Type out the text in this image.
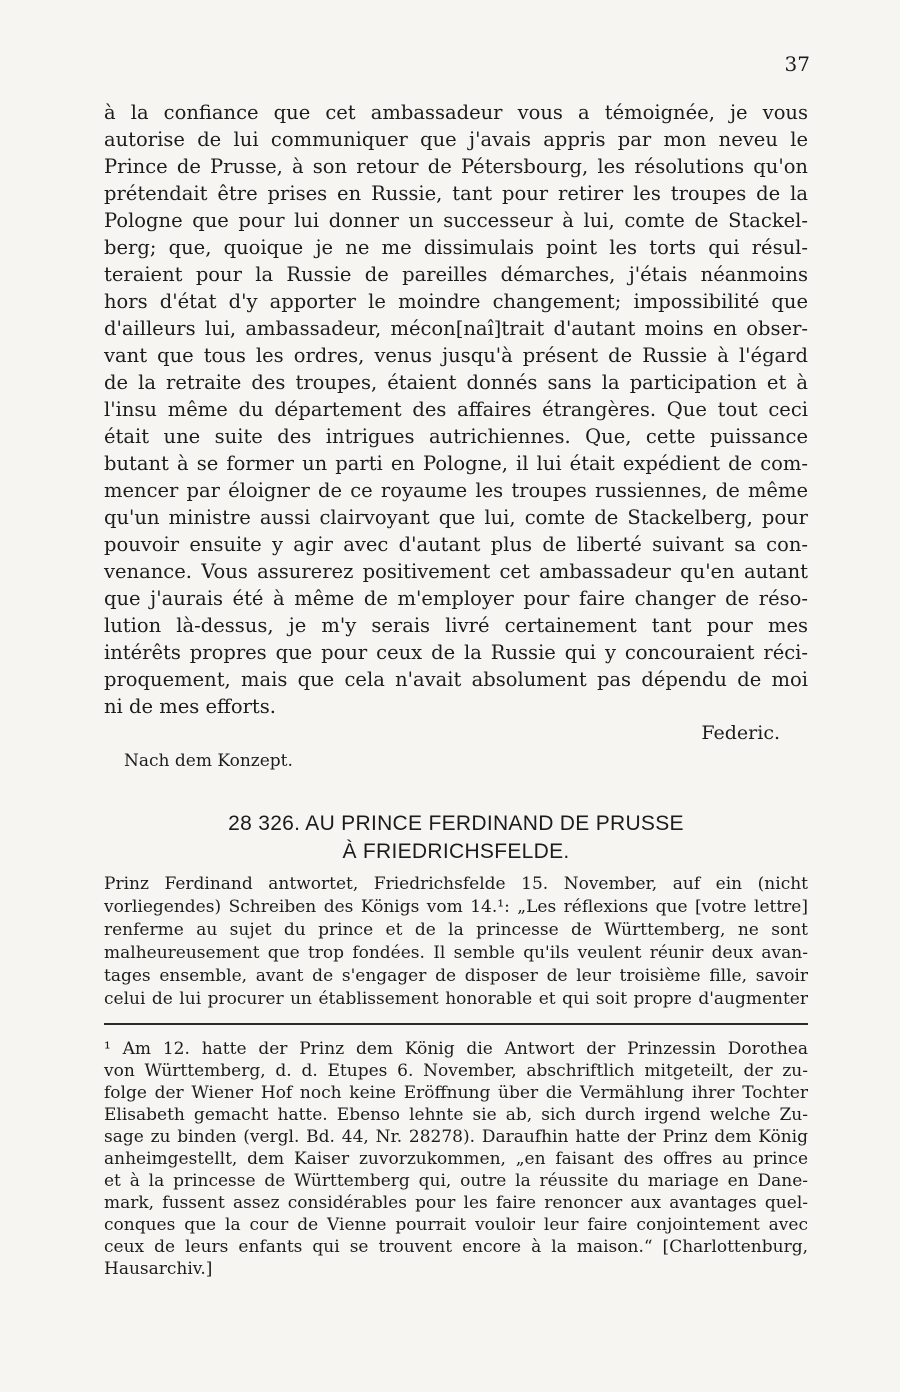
37
à la confiance que cet ambassadeur vous a témoignée, je vous
autorise de lui communiquer que j'avais appris par mon neveu le
Prince de Prusse, à son retour de Pétersbourg, les résolutions qu'on
prétendait être prises en Russie, tant pour retirer les troupes de la
Pologne que pour lui donner un successeur à lui, comte de Stackel-
berg; que, quoique je ne me dissimulais point les torts qui résul-
teraient pour la Russie de pareilles démarches, j'étais néanmoins
hors d'état d'y apporter le moindre changement; impossibilité que
d'ailleurs lui, ambassadeur, mécon[naî]trait d'autant moins en obser-
vant que tous les ordres, venus jusqu'à présent de Russie à l'égard
de la retraite des troupes, étaient donnés sans la participation et à
l'insu même du département des affaires étrangères. Que tout ceci
était une suite des intrigues autrichiennes. Que, cette puissance
butant à se former un parti en Pologne, il lui était expédient de com-
mencer par éloigner de ce royaume les troupes russiennes, de même
qu'un ministre aussi clairvoyant que lui, comte de Stackelberg, pour
pouvoir ensuite y agir avec d'autant plus de liberté suivant sa con-
venance. Vous assurerez positivement cet ambassadeur qu'en autant
que j'aurais été à même de m'employer pour faire changer de réso-
lution là-dessus, je m'y serais livré certainement tant pour mes
intérêts propres que pour ceux de la Russie qui y concouraient réci-
proquement, mais que cela n'avait absolument pas dépendu de moi
ni de mes efforts.
Federic.
Nach dem Konzept.
28 326. AU PRINCE FERDINAND DE PRUSSE
À FRIEDRICHSFELDE.
Prinz Ferdinand antwortet, Friedrichsfelde 15. November, auf ein (nicht
vorliegendes) Schreiben des Königs vom 14.¹: „Les réflexions que [votre lettre]
renferme au sujet du prince et de la princesse de Württemberg, ne sont
malheureusement que trop fondées. Il semble qu'ils veulent réunir deux avan-
tages ensemble, avant de s'engager de disposer de leur troisième fille, savoir
celui de lui procurer un établissement honorable et qui soit propre d'augmenter
¹ Am 12. hatte der Prinz dem König die Antwort der Prinzessin Dorothea
von Württemberg, d. d. Etupes 6. November, abschriftlich mitgeteilt, der zu-
folge der Wiener Hof noch keine Eröffnung über die Vermählung ihrer Tochter
Elisabeth gemacht hatte. Ebenso lehnte sie ab, sich durch irgend welche Zu-
sage zu binden (vergl. Bd. 44, Nr. 28278). Daraufhin hatte der Prinz dem König
anheimgestellt, dem Kaiser zuvorzukommen, „en faisant des offres au prince
et à la princesse de Württemberg qui, outre la réussite du mariage en Dane-
mark, fussent assez considérables pour les faire renoncer aux avantages quel-
conques que la cour de Vienne pourrait vouloir leur faire conjointement avec
ceux de leurs enfants qui se trouvent encore à la maison.“ [Charlottenburg,
Hausarchiv.]
